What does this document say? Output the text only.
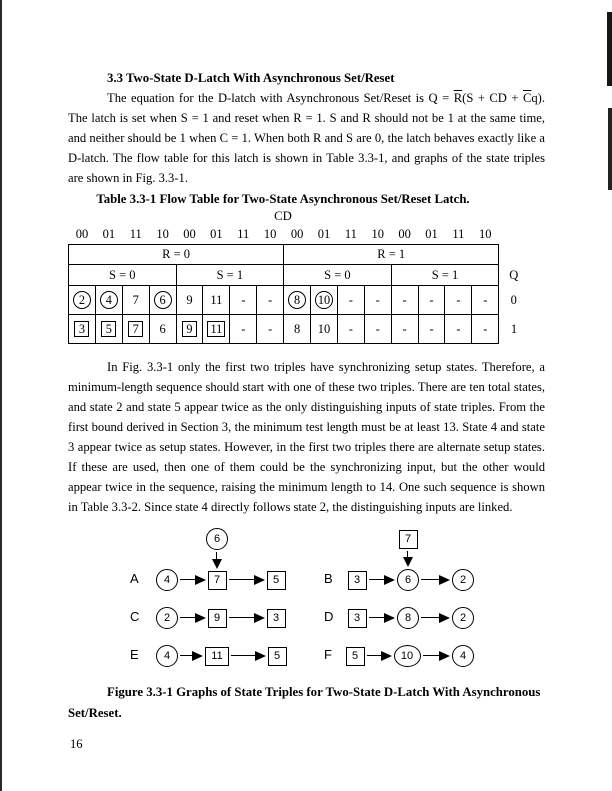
3.3 Two-State D-Latch With Asynchronous Set/Reset

The equation for the D-latch with Asynchronous Set/Reset is $Q = \overline{R}(S$ + CD + $\overline{C}q$). The latch is set when S = 1 and reset when R = 1. S and R should not be 1 at the same time, and neither should be 1 when C = 1. When both R and S are 0, the latch behaves exactly like a D-latch. The flow table for this latch is shown in Table 3.3-1, and graphs of the state triples are shown in Fig. 3.3-1.

Table 3.3-1 Flow Table for Two-State Asynchronous Set/Reset Latch.
CD
00	01	11	10	00	01	11	10	00	01	11	10	00	01	11	10	
R = 0								R = 1								
S = 0				S = 1				S = 0				S = 1				Q
2	4	7	6	9	11	-	-	8	10	-	-	-	-	-	-	0
3	5	7	6	9	11	-	-	8	10	-	-	-	-	-	-	1

In Fig. 3.3-1 only the first two triples have synchronizing setup states. Therefore, a minimum-length sequence should start with one of these two triples. There are ten total states, and state 2 and state 5 appear twice as the only distinguishing inputs of state triples. From the first bound derived in Section 3, the minimum test length must be at least 13. State 4 and state 3 appear twice as setup states. However, in the first two triples there are alternate setup states. If these are used, then one of them could be the synchronizing input, but the other would appear twice in the sequence, raising the minimum length to 14. One such sequence is shown in Table 3.3-2. Since state 4 directly follows state 2, the distinguishing inputs are linked.

A	4	7	5
6
B	3	6	2
7
C	2	9	3	D	3	8	2
E	4	11	5	F	5	10	4

Figure 3.3-1 Graphs of State Triples for Two-State D-Latch With Asynchronous Set/Reset.

16
